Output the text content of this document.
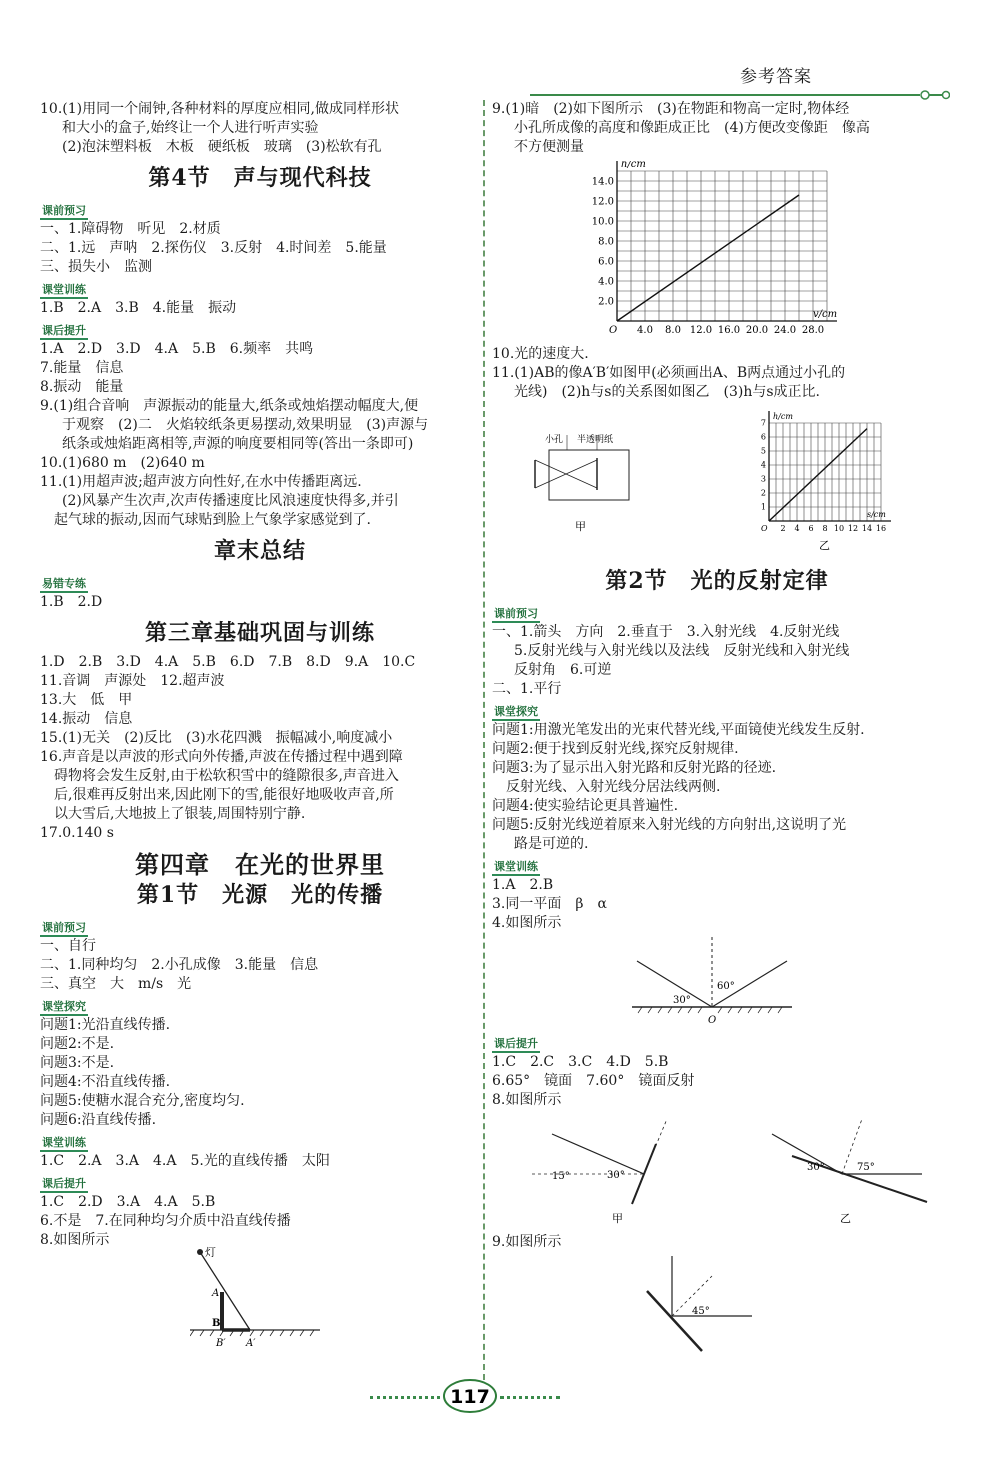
参考答案
10.(1)用同一个闹钟,各种材料的厚度应相同,做成同样形状
和大小的盒子,始终让一个人进行听声实验
(2)泡沫塑料板　木板　硬纸板　玻璃　(3)松软有孔
第4节　声与现代科技
课前预习
一、1.障碍物　听见　2.材质
二、1.远　声呐　2.探伤仪　3.反射　4.时间差　5.能量
三、损失小　监测
课堂训练
1.B　2.A　3.B　4.能量　振动
课后提升
1.A　2.D　3.D　4.A　5.B　6.频率　共鸣
7.能量　信息
8.振动　能量
9.(1)组合音响　声源振动的能量大,纸条或烛焰摆动幅度大,便
于观察　(2)二　火焰较纸条更易摆动,效果明显　(3)声源与
纸条或烛焰距离相等,声源的响度要相同等(答出一条即可)
10.(1)680 m　(2)640 m
11.(1)用超声波;超声波方向性好,在水中传播距离远.
(2)风暴产生次声,次声传播速度比风浪速度快得多,并引
起气球的振动,因而气球贴到脸上气象学家感觉到了.
章末总结
易错专练
1.B　2.D
第三章基础巩固与训练
1.D　2.B　3.D　4.A　5.B　6.D　7.B　8.D　9.A　10.C
11.音调　声源处　12.超声波
13.大　低　甲
14.振动　信息
15.(1)无关　(2)反比　(3)水花四溅　振幅减小,响度减小
16.声音是以声波的形式向外传播,声波在传播过程中遇到障
碍物将会发生反射,由于松软积雪中的缝隙很多,声音进入
后,很难再反射出来,因此刚下的雪,能很好地吸收声音,所
以大雪后,大地披上了银装,周围特别宁静.
17.0.140 s
第四章　在光的世界里
第1节　光源　光的传播
课前预习
一、自行
二、1.同种均匀　2.小孔成像　3.能量　信息
三、真空　大　m/s　光
课堂探究
问题1:光沿直线传播.
问题2:不是.
问题3:不是.
问题4:不沿直线传播.
问题5:使糖水混合充分,密度均匀.
问题6:沿直线传播.
课堂训练
1.C　2.A　3.A　4.A　5.光的直线传播　太阳
课后提升
1.C　2.D　3.A　4.A　5.B
6.不是　7.在同种均匀介质中沿直线传播
8.如图所示
灯
A
B
B′ A′
9.(1)暗　(2)如下图所示　(3)在物距和物高一定时,物体经
小孔所成像的高度和像距成正比　(4)方便改变像距　像高
不方便测量
4.0 8.0 12.0 16.0 20.0 24.0 28.0
2.0
4.0
6.0
8.0
10.0
12.0
14.0
O
h/cm
v/cm
10.光的速度大.
11.(1)AB的像A′B′如图甲(必须画出A、B两点通过小孔的
光线)　(2)h与s的关系图如图乙　(3)h与s成正比.
小孔 半透明纸
甲	2 4 6 8 10 12 14 16
1
2
3
4
5
6
7
O
h/cm
s/cm
乙
第2节　光的反射定律
课前预习
一、1.箭头　方向　2.垂直于　3.入射光线　4.反射光线
5.反射光线与入射光线以及法线　反射光线和入射光线
反射角　6.可逆
二、1.平行
课堂探究
问题1:用激光笔发出的光束代替光线,平面镜使光线发生反射.
问题2:便于找到反射光线,探究反射规律.
问题3:为了显示出入射光路和反射光路的径迹.
反射光线、入射光线分居法线两侧.
问题4:使实验结论更具普遍性.
问题5:反射光线逆着原来入射光线的方向射出,这说明了光
路是可逆的.
课堂训练
1.A　2.B
3.同一平面　β　α
4.如图所示
30°
60°
O
课后提升
1.C　2.C　3.C　4.D　5.B
6.65°　镜面　7.60°　镜面反射
8.如图所示
15°	30°
甲
30°	75°
乙
9.如图所示
45°
117
